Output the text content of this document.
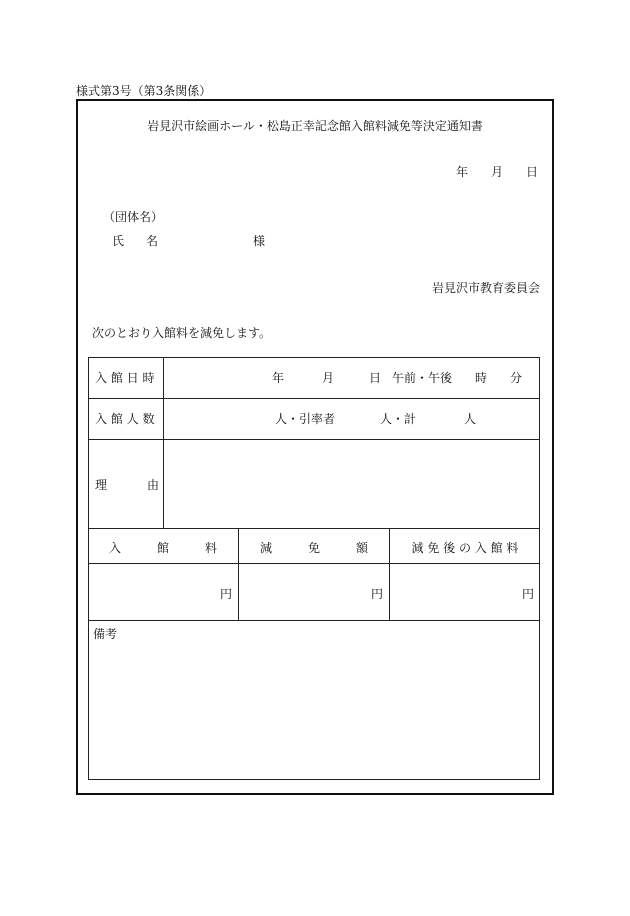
様式第3号（第3条関係）
岩見沢市絵画ホール・松島正幸記念館入館料減免等決定通知書
年 月 日
（団体名）
氏 名	様
岩見沢市教育委員会
次のとおり入館料を減免します。
入 館 日 時	年	月	日 午前・午後 時 分
入 館 人 数	人・引率者	人・計	人
理	由
入　　　館　　　料	減　　　免　　　額	減 免 後 の 入 館 料
円	円	円
備考
